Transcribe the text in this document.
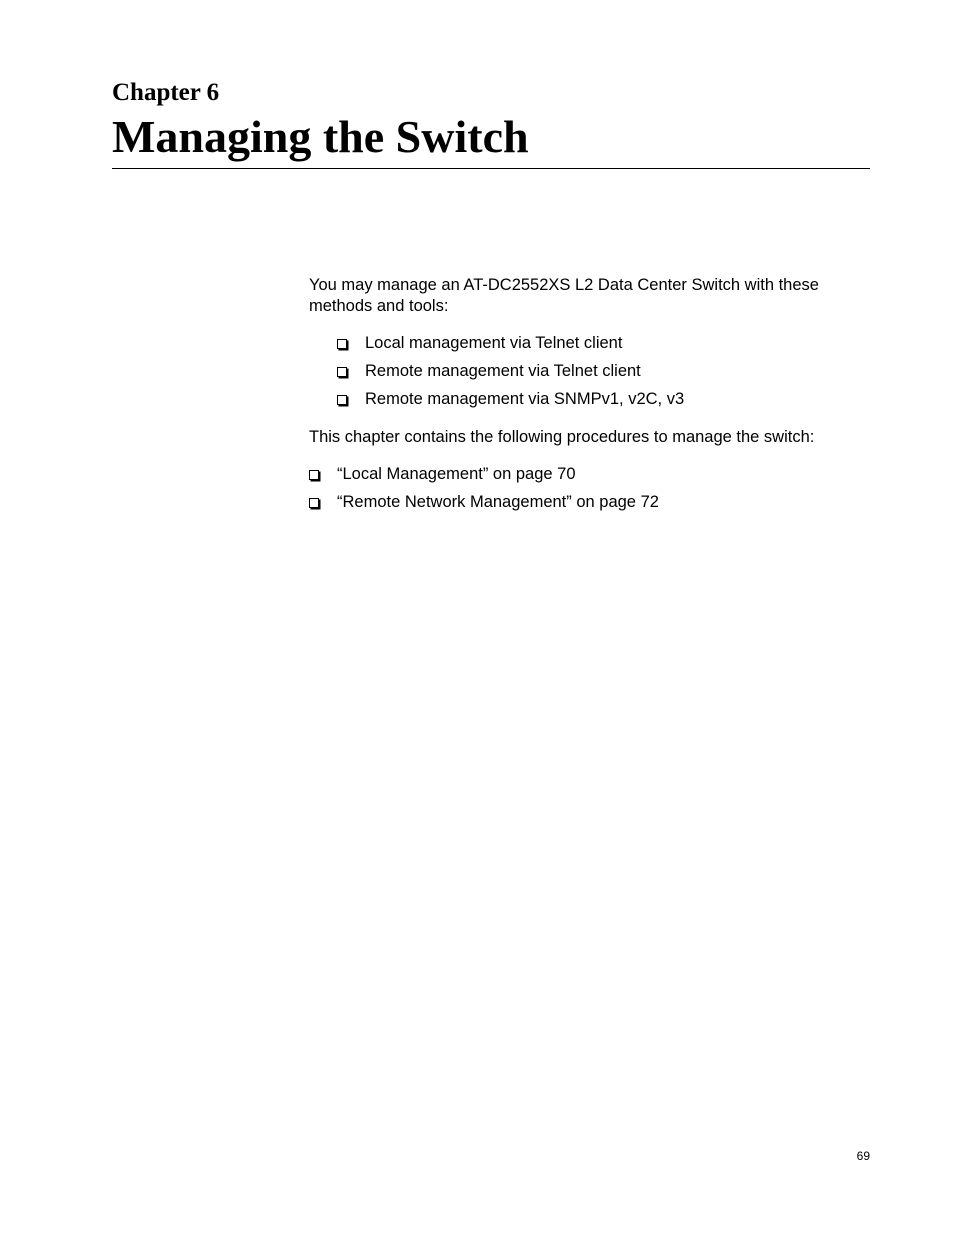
Chapter 6
Managing the Switch

You may manage an AT-DC2552XS L2 Data Center Switch with these methods and tools:

Local management via Telnet client
Remote management via Telnet client
Remote management via SNMPv1, v2C, v3

This chapter contains the following procedures to manage the switch:

“Local Management” on page 70
“Remote Network Management” on page 72
69
